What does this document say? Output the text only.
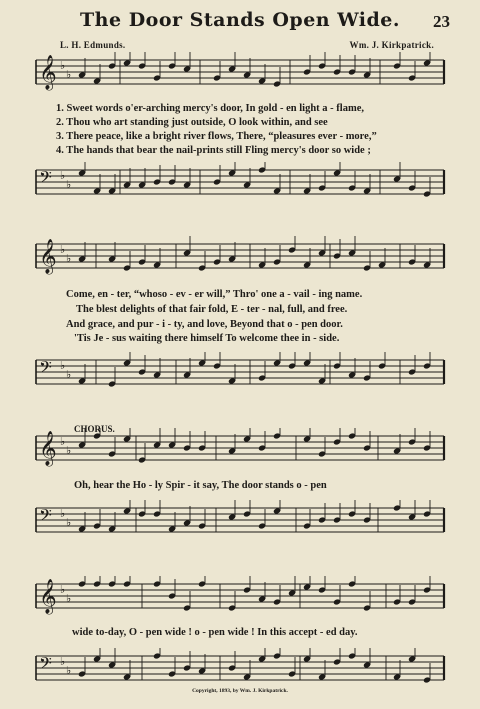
The Door Stands Open Wide.	23
L. H. Edmunds.	Wm. J. Kirkpatrick.
𝄞 ♭
♭
𝄢 ♭
♭
𝄞 ♭
♭
𝄢 ♭
♭
𝄞 ♭
♭
𝄢 ♭
♭
𝄞 ♭
♭
𝄢 ♭
♭
1. Sweet words o'er-arching mercy's door, In gold - en light a - flame,
2. Thou who art standing just outside, O look within, and see
3. There peace, like a bright river flows, There, “pleasures ever - more,”
4. The hands that bear the nail-prints still Fling mercy's door so wide ;
Come, en - ter, “whoso - ev - er will,” Thro' one a - vail - ing name.
The blest delights of that fair fold, E - ter - nal, full, and free.
And grace, and pur - i - ty, and love, Beyond that o - pen door.
'Tis Je - sus waiting there himself To welcome thee in - side.
CHORUS.
Oh, hear the Ho - ly Spir - it say, The door stands o - pen
wide to-day, O - pen wide ! o - pen wide ! In this accept - ed day.
Copyright, 1893, by Wm. J. Kirkpatrick.
